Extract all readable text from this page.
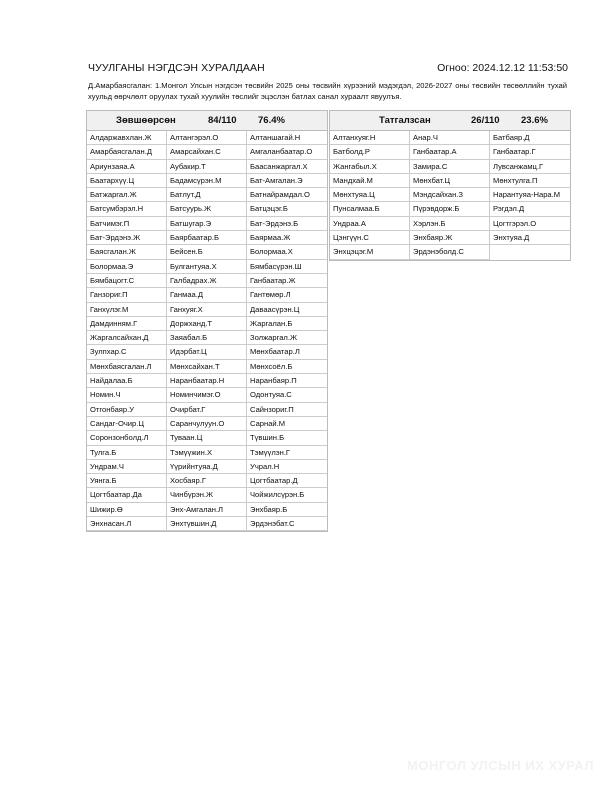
ЧУУЛГАНЫ НЭГДСЭН ХУРАЛДААН	Огноо: 2024.12.12 11:53:50
Д.Амарбаясгалан: 1.Монгол Улсын нэгдсэн төсвийн 2025 оны төсвийн хүрээний мэдэгдэл, 2026-2027 оны төсвийн төсөөллийн тухай хуульд өөрчлөлт оруулах тухай хуулийн төслийг эцэслэн батлах санал хураалт явуулъя.
Зөвшөөрсөн	84/110	76.4%
Алдаржавхлан.Ж	Алтангэрэл.О	Алтаншагай.Н
Амарбаясгалан.Д	Амарсайхан.С	Амгаланбаатар.О
Ариунзаяа.А	Аубакир.Т	Баасанжаргал.Х
Баатархүү.Ц	Бадамсүрэн.М	Бат-Амгалан.Э
Батжаргал.Ж	Батлут.Д	Батнайрамдал.О
Батсумбэрэл.Н	Батсуурь.Ж	Батцэцэг.Б
Батчимэг.П	Батшугар.Э	Бат-Эрдэнэ.Б
Бат-Эрдэнэ.Ж	Баярбаатар.Б	Баярмаа.Ж
Баясгалан.Ж	Бейсен.Б	Болормаа.Х
Болормаа.Э	Булгантуяа.Х	Бямбасүрэн.Ш
Бямбацогт.С	Галбадрах.Ж	Ганбаатар.Ж
Ганзориг.П	Ганмаа.Д	Гантөмөр.Л
Ганхүлэг.М	Ганхуяг.Х	Даваасүрэн.Ц
Дамдинням.Г	Доржханд.Т	Жаргалан.Б
Жаргалсайхан.Д	Заяабал.Б	Золжаргал.Ж
Зулпхар.С	Идэрбат.Ц	Мөнхбаатар.Л
Мөнхбаясгалан.Л	Мөнхсайхан.Т	Мөнхсоёл.Б
Найдалаа.Б	Наранбаатар.Н	Наранбаяр.П
Номин.Ч	Номинчимэг.О	Одонтуяа.С
Отгонбаяр.У	Очирбат.Г	Сайнзориг.П
Сандаг-Очир.Ц	Саранчулуун.О	Сарнай.М
Соронзонболд.Л	Туваан.Ц	Түвшин.Б
Тулга.Б	Тэмүүжин.Х	Тэмүүлэн.Г
Ундрам.Ч	Үүрийнтуяа.Д	Учрал.Н
Уянга.Б	Хосбаяр.Г	Цогтбаатар.Д
Цогтбаатар.Да	Чинбүрэн.Ж	Чойжилсүрэн.Б
Шижир.Ө	Энх-Амгалан.Л	Энхбаяр.Б
Энхнасан.Л	Энхтүвшин.Д	Эрдэнэбат.С
Татгалзсан	26/110	23.6%
Алтанхуяг.Н	Анар.Ч	Батбаяр.Д
Батболд.Р	Ганбаатар.А	Ганбаатар.Г
Жангабыл.Х	Замира.С	Лувсанжамц.Г
Мандхай.М	Мөнхбат.Ц	Мөнхтулга.П
Мөнхтуяа.Ц	Мэндсайхан.З	Нарантуяа-Нара.М
Пунсалмаа.Б	Пүрэвдорж.Б	Рэгдэл.Д
Ундраа.А	Хэрлэн.Б	Цогтгэрэл.О
Цэнгүүн.С	Энхбаяр.Ж	Энхтуяа.Д
Энхцэцэг.М	Эрдэнэболд.С
МОНГОЛ УЛСЫН ИХ ХУРАЛ
